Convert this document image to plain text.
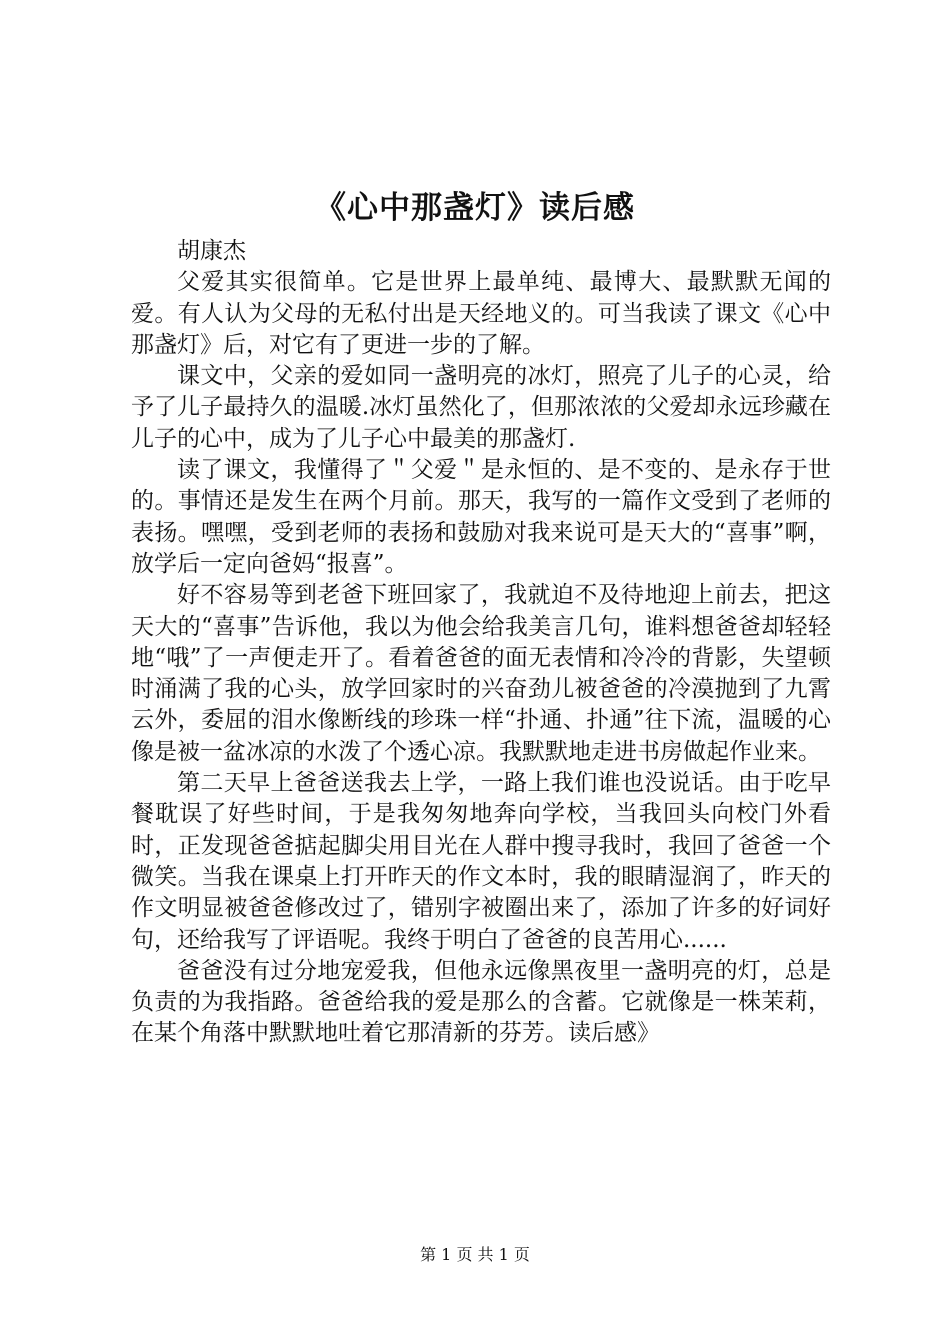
《心中那盏灯》读后感
胡康杰

父爱其实很简单。它是世界上最单纯、最博大、最默默无闻的爱。有人认为父母的无私付出是天经地义的。可当我读了课文《心中那盏灯》后，对它有了更进一步的了解。

课文中，父亲的爱如同一盏明亮的冰灯，照亮了儿子的心灵，给予了儿子最持久的温暖.冰灯虽然化了，但那浓浓的父爱却永远珍藏在儿子的心中，成为了儿子心中最美的那盏灯.

读了课文，我懂得了＂父爱＂是永恒的、是不变的、是永存于世的。事情还是发生在两个月前。那天，我写的一篇作文受到了老师的表扬。嘿嘿，受到老师的表扬和鼓励对我来说可是天大的“喜事”啊，放学后一定向爸妈“报喜”。

好不容易等到老爸下班回家了，我就迫不及待地迎上前去，把这天大的“喜事”告诉他，我以为他会给我美言几句，谁料想爸爸却轻轻地“哦”了一声便走开了。看着爸爸的面无表情和冷冷的背影，失望顿时涌满了我的心头，放学回家时的兴奋劲儿被爸爸的冷漠抛到了九霄云外，委屈的泪水像断线的珍珠一样“扑通、扑通”往下流，温暖的心像是被一盆冰凉的水泼了个透心凉。我默默地走进书房做起作业来。

第二天早上爸爸送我去上学，一路上我们谁也没说话。由于吃早餐耽误了好些时间，于是我匆匆地奔向学校，当我回头向校门外看时，正发现爸爸掂起脚尖用目光在人群中搜寻我时，我回了爸爸一个微笑。当我在课桌上打开昨天的作文本时，我的眼睛湿润了，昨天的作文明显被爸爸修改过了，错别字被圈出来了，添加了许多的好词好句，还给我写了评语呢。我终于明白了爸爸的良苦用心......

爸爸没有过分地宠爱我，但他永远像黑夜里一盏明亮的灯，总是负责的为我指路。爸爸给我的爱是那么的含蓄。它就像是一株茉莉，在某个角落中默默地吐着它那清新的芬芳。读后感》

第 1 页 共 1 页
